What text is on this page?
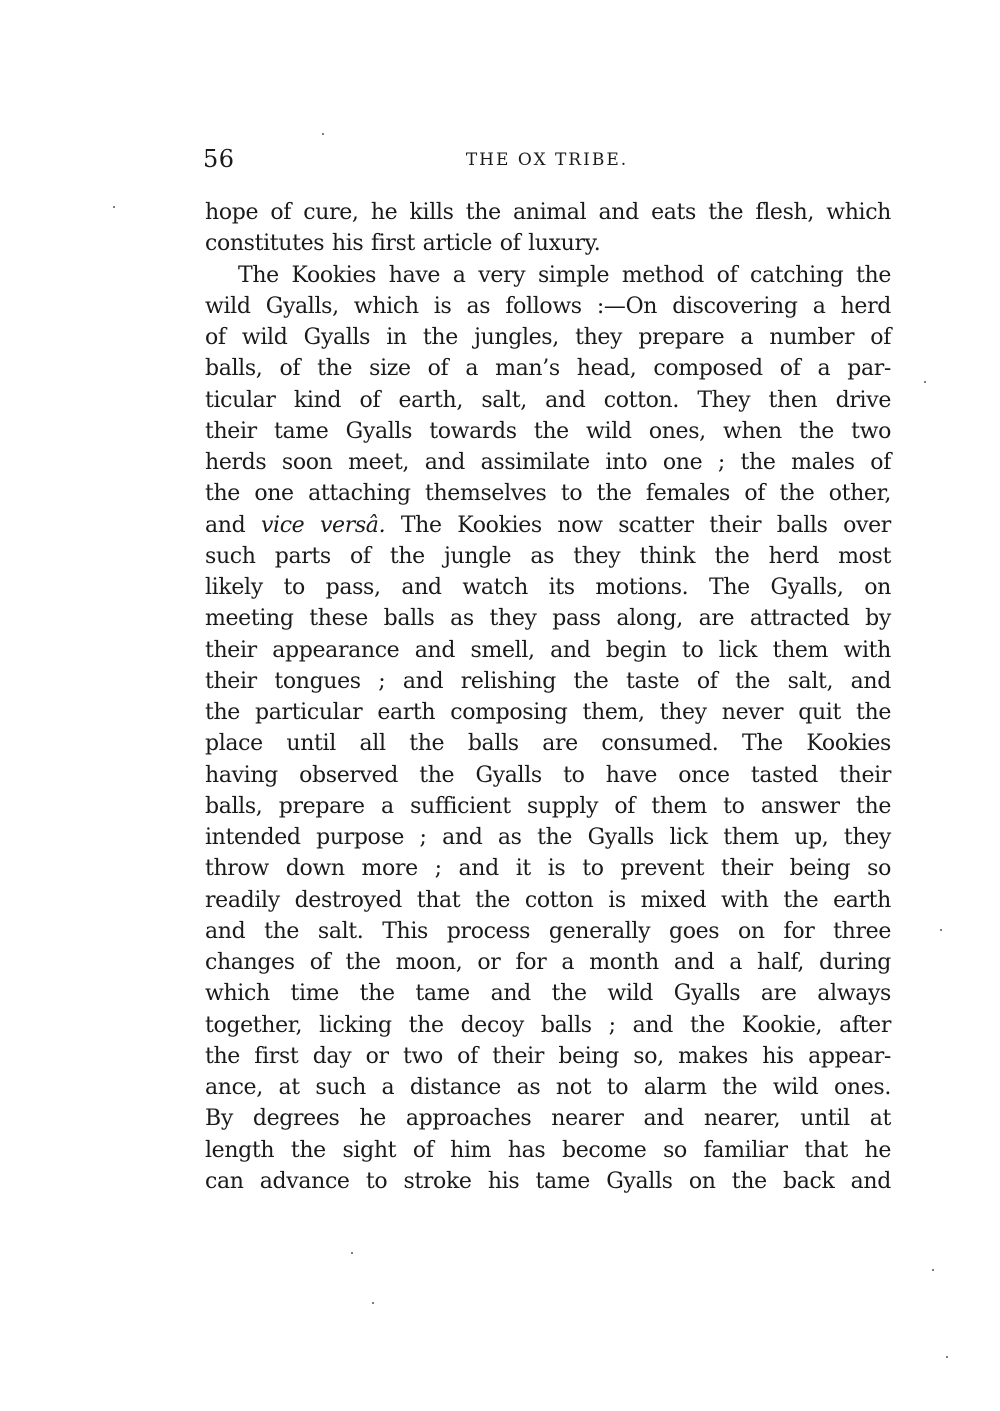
56	THE OX TRIBE.
hope of cure, he kills the animal and eats the flesh, which
constitutes his first article of luxury.
The Kookies have a very simple method of catching the
wild Gyalls, which is as follows :—On discovering a herd
of wild Gyalls in the jungles, they prepare a number of
balls, of the size of a man’s head, composed of a par-
ticular kind of earth, salt, and cotton. They then drive
their tame Gyalls towards the wild ones, when the two
herds soon meet, and assimilate into one ; the males of
the one attaching themselves to the females of the other,
and vice versâ. The Kookies now scatter their balls over
such parts of the jungle as they think the herd most
likely to pass, and watch its motions. The Gyalls, on
meeting these balls as they pass along, are attracted by
their appearance and smell, and begin to lick them with
their tongues ; and relishing the taste of the salt, and
the particular earth composing them, they never quit the
place until all the balls are consumed. The Kookies
having observed the Gyalls to have once tasted their
balls, prepare a sufficient supply of them to answer the
intended purpose ; and as the Gyalls lick them up, they
throw down more ; and it is to prevent their being so
readily destroyed that the cotton is mixed with the earth
and the salt. This process generally goes on for three
changes of the moon, or for a month and a half, during
which time the tame and the wild Gyalls are always
together, licking the decoy balls ; and the Kookie, after
the first day or two of their being so, makes his appear-
ance, at such a distance as not to alarm the wild ones.
By degrees he approaches nearer and nearer, until at
length the sight of him has become so familiar that he
can advance to stroke his tame Gyalls on the back and
